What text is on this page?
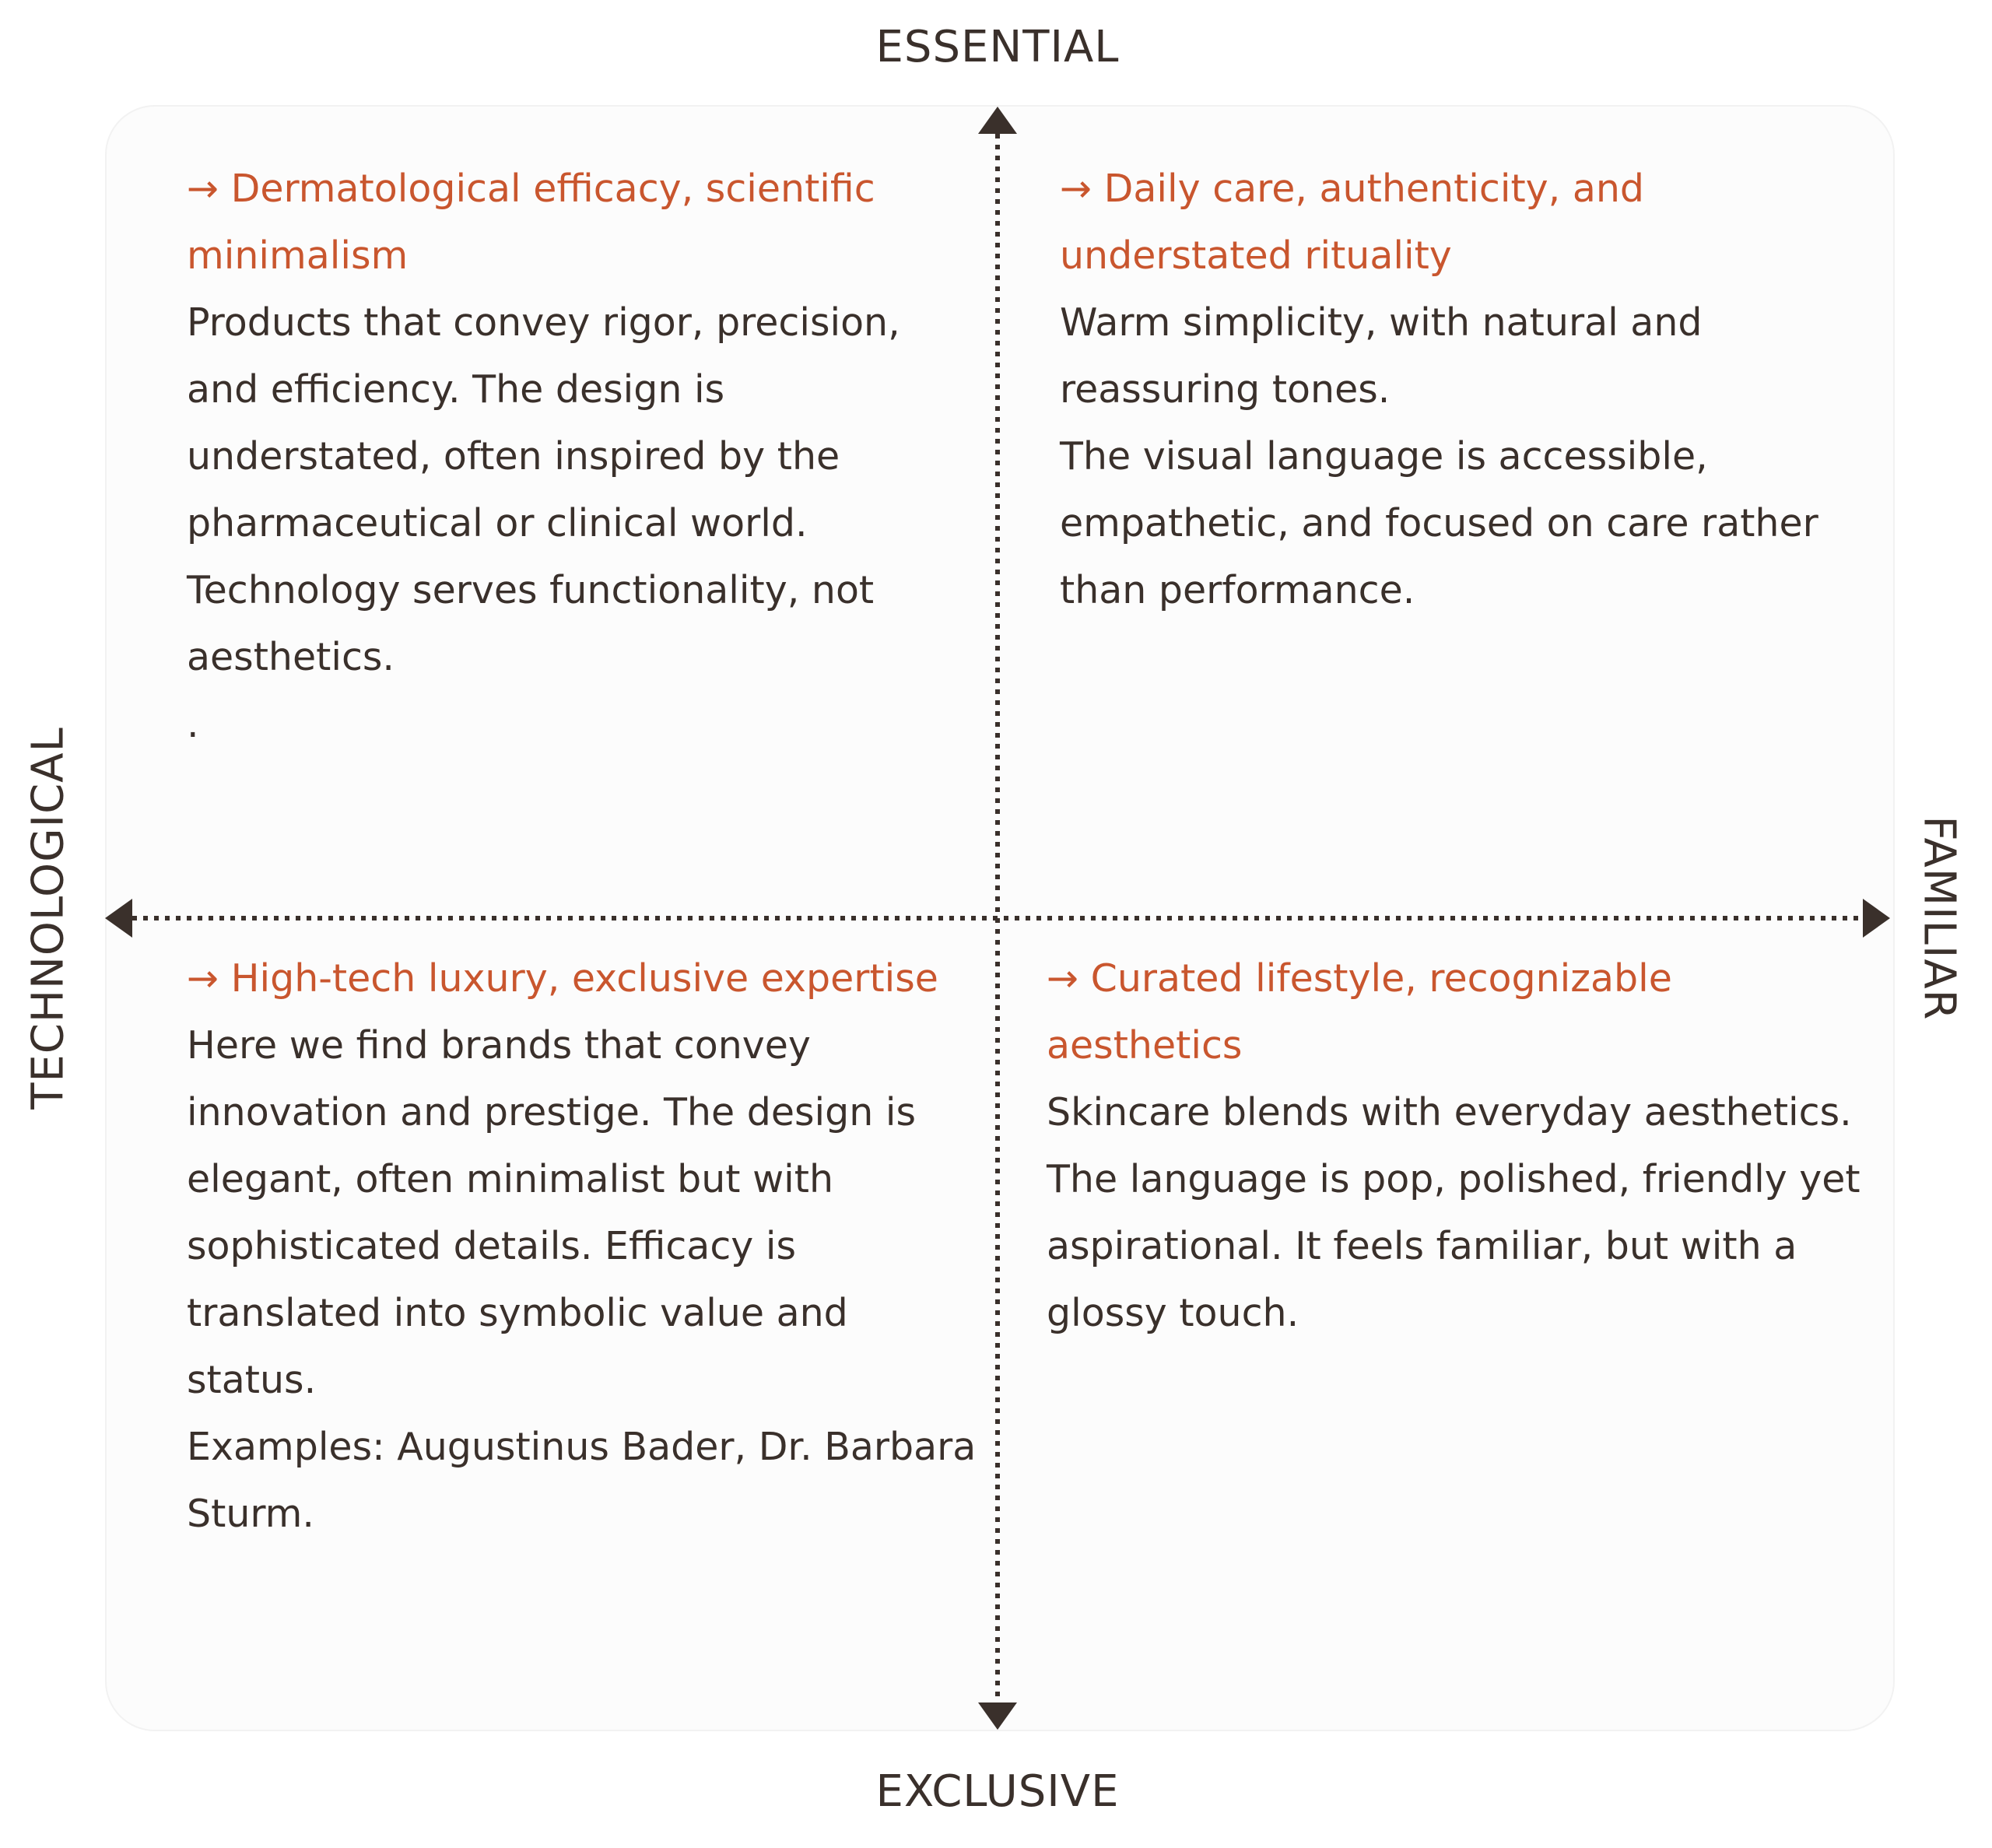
ESSENTIAL
EXCLUSIVE
TECHNOLOGICAL	FAMILIAR

→ Dermatological efficacy, scientific minimalism

Products that convey rigor, precision, and efficiency. The design is understated, often inspired by the pharmaceutical or clinical world.

Technology serves functionality, not aesthetics.

.

→ Daily care, authenticity, and understated rituality

Warm simplicity, with natural and reassuring tones.

The visual language is accessible, empathetic, and focused on care rather than performance.

→ High-tech luxury, exclusive expertise

Here we find brands that convey innovation and prestige. The design is elegant, often minimalist but with sophisticated details. Efficacy is translated into symbolic value and status.

Examples: Augustinus Bader, Dr. Barbara Sturm.

→ Curated lifestyle, recognizable aesthetics

Skincare blends with everyday aesthetics.

The language is pop, polished, friendly yet aspirational. It feels familiar, but with a glossy touch.
